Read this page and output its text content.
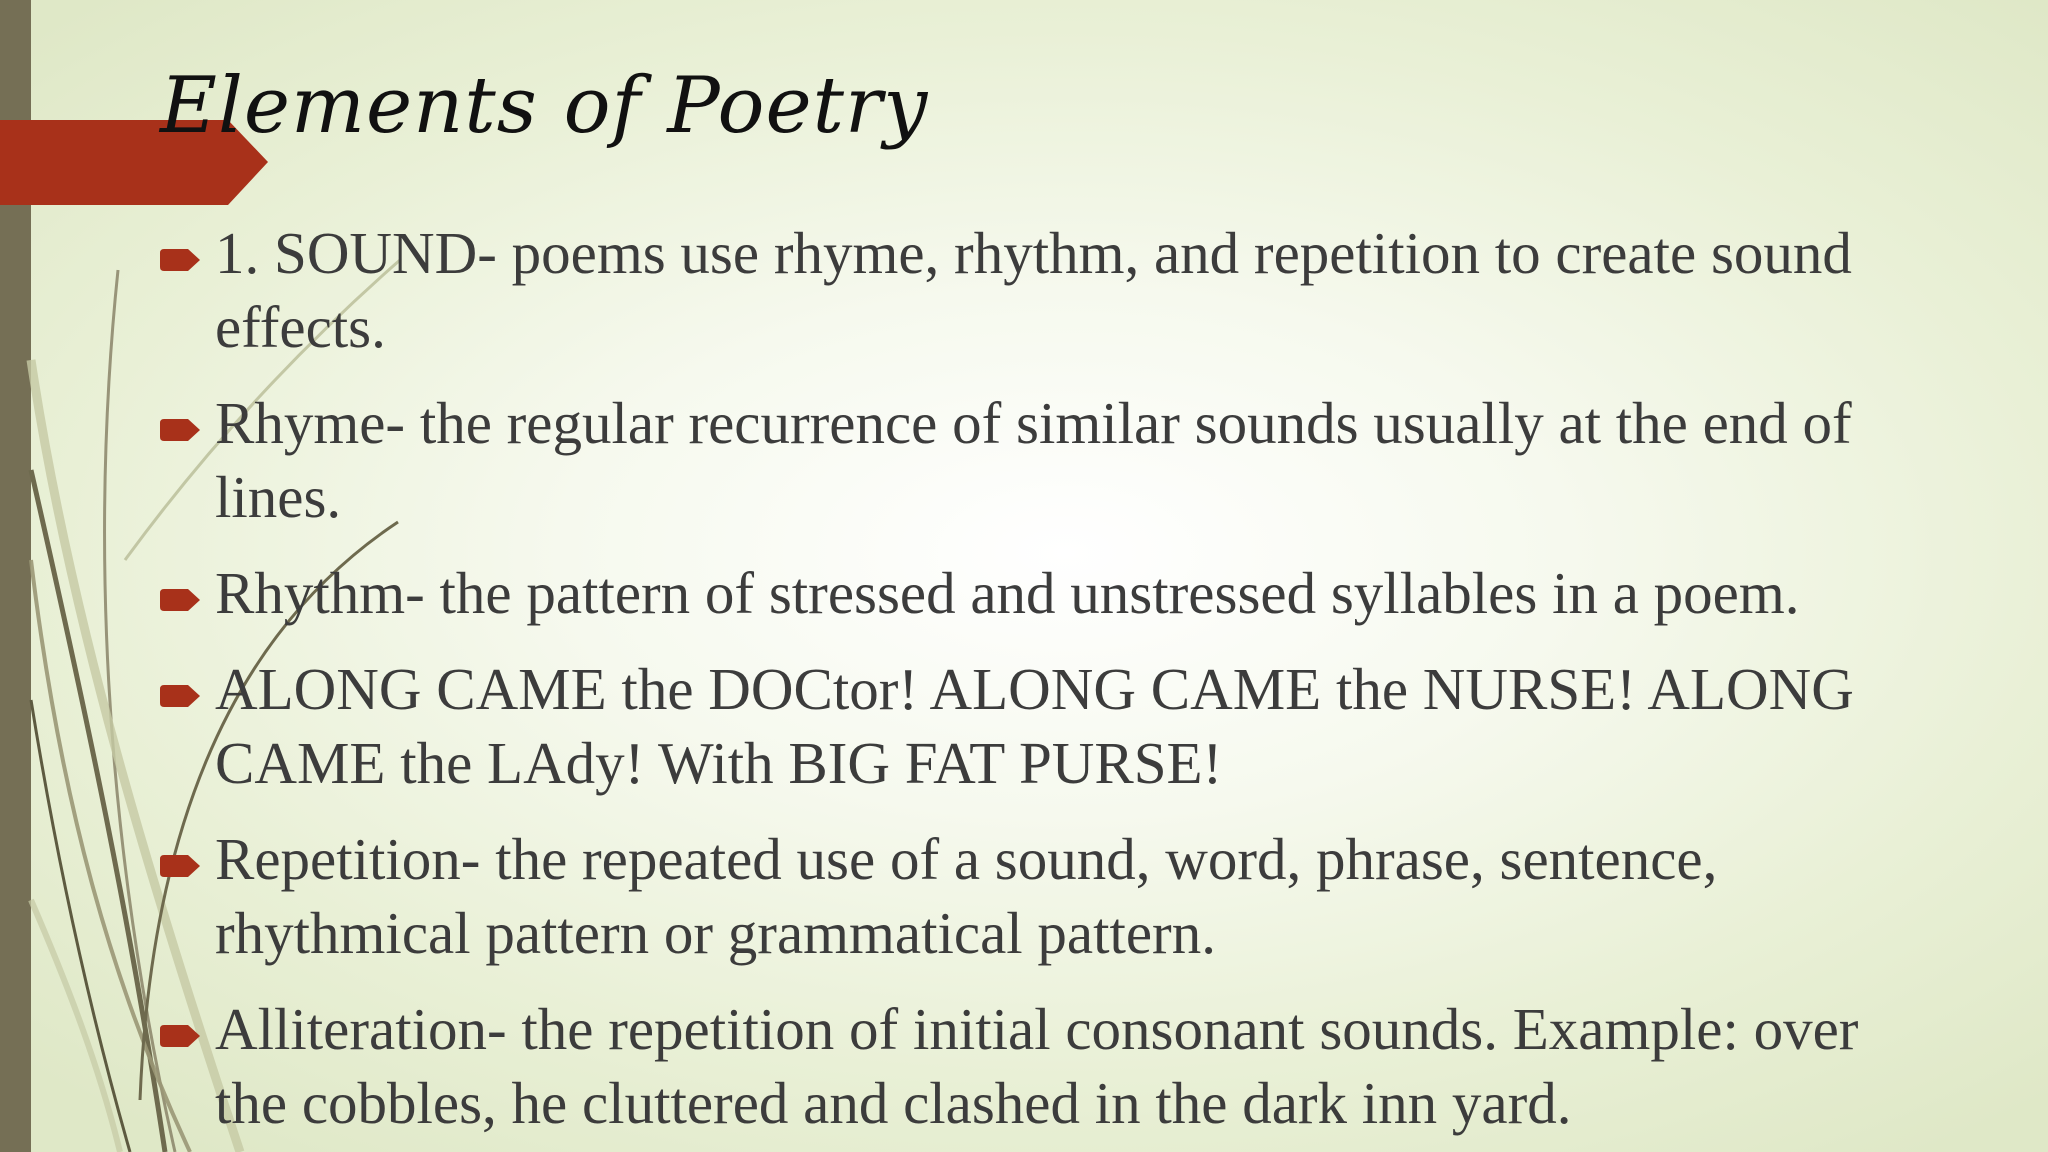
Elements of Poetry
1. SOUND- poems use rhyme, rhythm, and repetition to create sound effects.
Rhyme- the regular recurrence of similar sounds usually at the end of lines.
Rhythm- the pattern of stressed and unstressed syllables in a poem.
ALONG CAME the DOCtor! ALONG CAME the NURSE! ALONG CAME the LAdy! With BIG FAT PURSE!
Repetition- the repeated use of a sound, word, phrase, sentence, rhythmical pattern or grammatical pattern.
Alliteration- the repetition of initial consonant sounds. Example: over the cobbles, he cluttered and clashed in the dark inn yard.
